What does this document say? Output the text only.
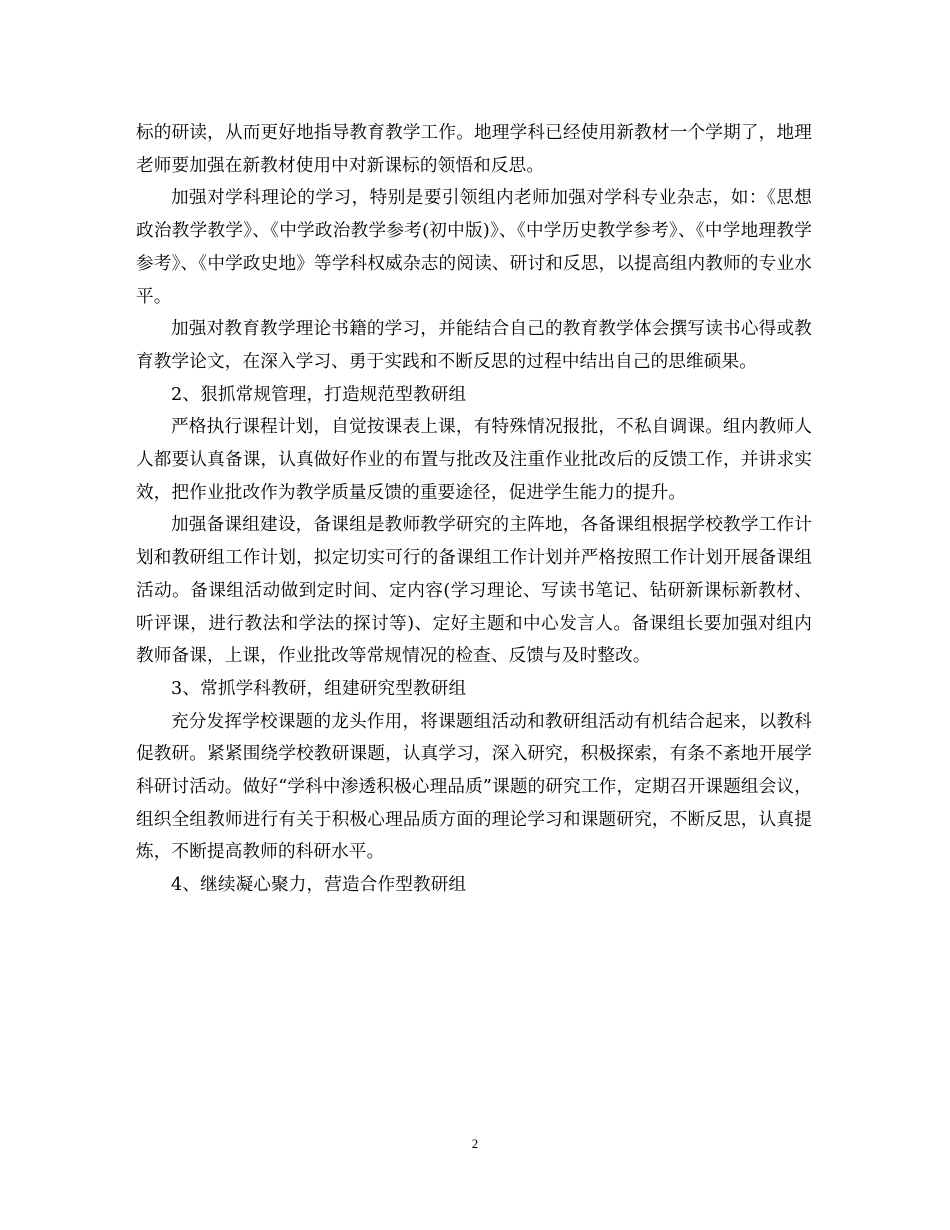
标的研读，从而更好地指导教育教学工作。地理学科已经使用新教材一个学期了，地理老师要加强在新教材使用中对新课标的领悟和反思。

加强对学科理论的学习，特别是要引领组内老师加强对学科专业杂志，如：《思想政治教学教学》、《中学政治教学参考(初中版)》、《中学历史教学参考》、《中学地理教学参考》、《中学政史地》等学科权威杂志的阅读、研讨和反思，以提高组内教师的专业水平。

加强对教育教学理论书籍的学习，并能结合自己的教育教学体会撰写读书心得或教育教学论文，在深入学习、勇于实践和不断反思的过程中结出自己的思维硕果。

2、狠抓常规管理，打造规范型教研组

严格执行课程计划，自觉按课表上课，有特殊情况报批，不私自调课。组内教师人人都要认真备课，认真做好作业的布置与批改及注重作业批改后的反馈工作，并讲求实效，把作业批改作为教学质量反馈的重要途径，促进学生能力的提升。

加强备课组建设，备课组是教师教学研究的主阵地，各备课组根据学校教学工作计划和教研组工作计划，拟定切实可行的备课组工作计划并严格按照工作计划开展备课组活动。备课组活动做到定时间、定内容(学习理论、写读书笔记、钻研新课标新教材、听评课，进行教法和学法的探讨等)、定好主题和中心发言人。备课组长要加强对组内教师备课，上课，作业批改等常规情况的检查、反馈与及时整改。

3、常抓学科教研，组建研究型教研组

充分发挥学校课题的龙头作用，将课题组活动和教研组活动有机结合起来，以教科促教研。紧紧围绕学校教研课题，认真学习，深入研究，积极探索，有条不紊地开展学科研讨活动。做好“学科中渗透积极心理品质”课题的研究工作，定期召开课题组会议，组织全组教师进行有关于积极心理品质方面的理论学习和课题研究，不断反思，认真提炼，不断提高教师的科研水平。

4、继续凝心聚力，营造合作型教研组

2
